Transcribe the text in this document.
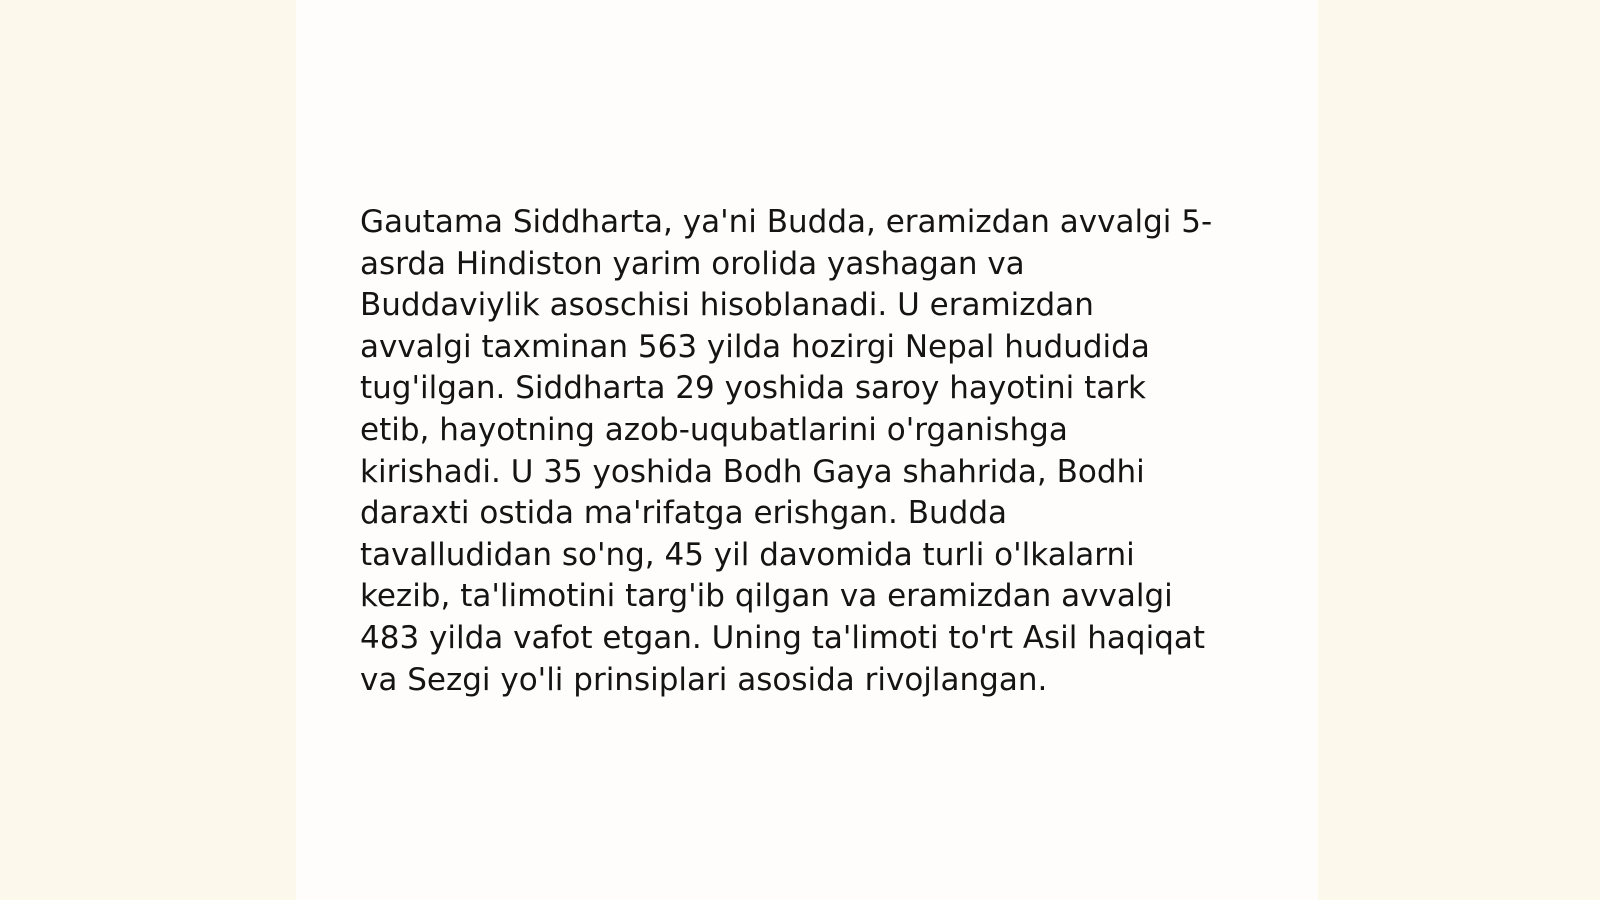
Gautama Siddharta, ya'ni Budda, eramizdan avvalgi 5-
asrda Hindiston yarim orolida yashagan va
Buddaviylik asoschisi hisoblanadi. U eramizdan
avvalgi taxminan 563 yilda hozirgi Nepal hududida
tug'ilgan. Siddharta 29 yoshida saroy hayotini tark
etib, hayotning azob-uqubatlarini o'rganishga
kirishadi. U 35 yoshida Bodh Gaya shahrida, Bodhi
daraxti ostida ma'rifatga erishgan. Budda
tavalludidan so'ng, 45 yil davomida turli o'lkalarni
kezib, ta'limotini targ'ib qilgan va eramizdan avvalgi
483 yilda vafot etgan. Uning ta'limoti to'rt Asil haqiqat
va Sezgi yo'li prinsiplari asosida rivojlangan.
